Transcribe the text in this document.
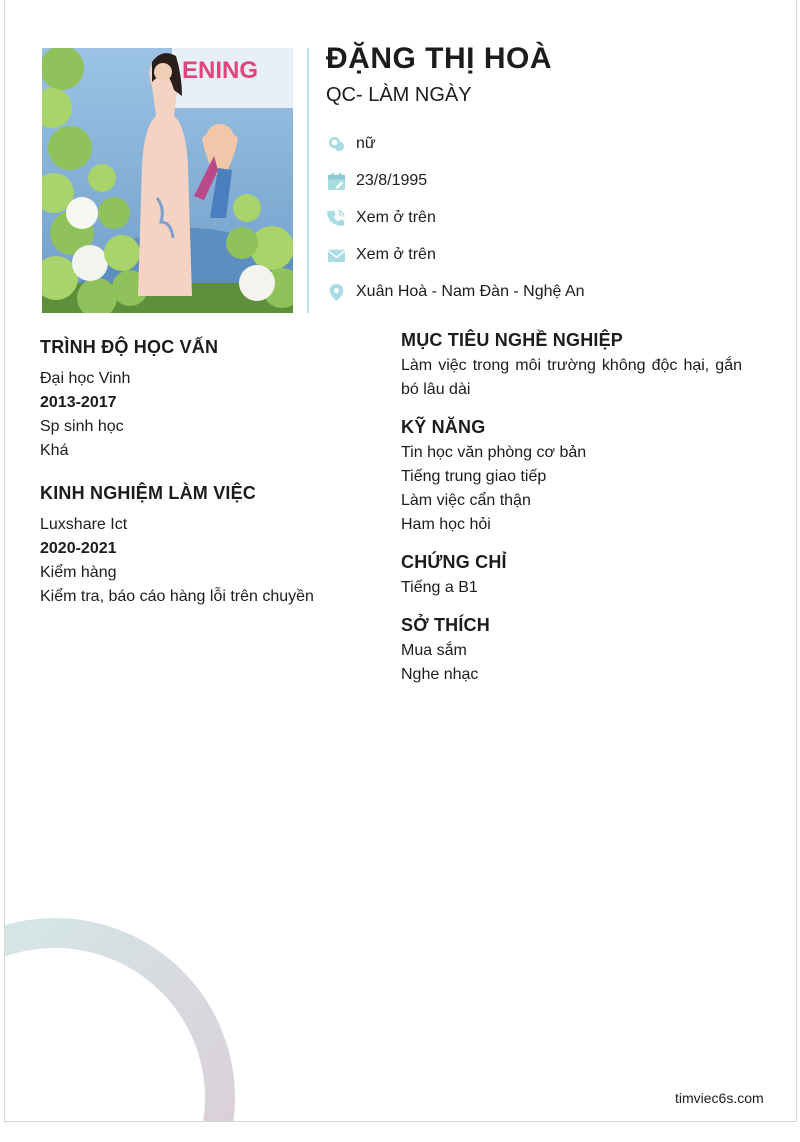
ENING ĐẶNG THỊ HOÀ
QC- LÀM NGÀY
nữ
23/8/1995
Xem ở trên
Xem ở trên
Xuân Hoà - Nam Đàn - Nghệ An
TRÌNH ĐỘ HỌC VẤN
Đại học Vinh
2013-2017
Sp sinh học
Khá
KINH NGHIỆM LÀM VIỆC
Luxshare Ict
2020-2021
Kiểm hàng
Kiểm tra, báo cáo hàng lỗi trên chuyền
MỤC TIÊU NGHỀ NGHIỆP
Làm việc trong môi trường không độc hại, gắn bó lâu dài
KỸ NĂNG
Tin học văn phòng cơ bản
Tiếng trung giao tiếp
Làm việc cẩn thận
Ham học hỏi
CHỨNG CHỈ
Tiếng a B1
SỞ THÍCH
Mua sắm
Nghe nhạc
timviec6s.com
